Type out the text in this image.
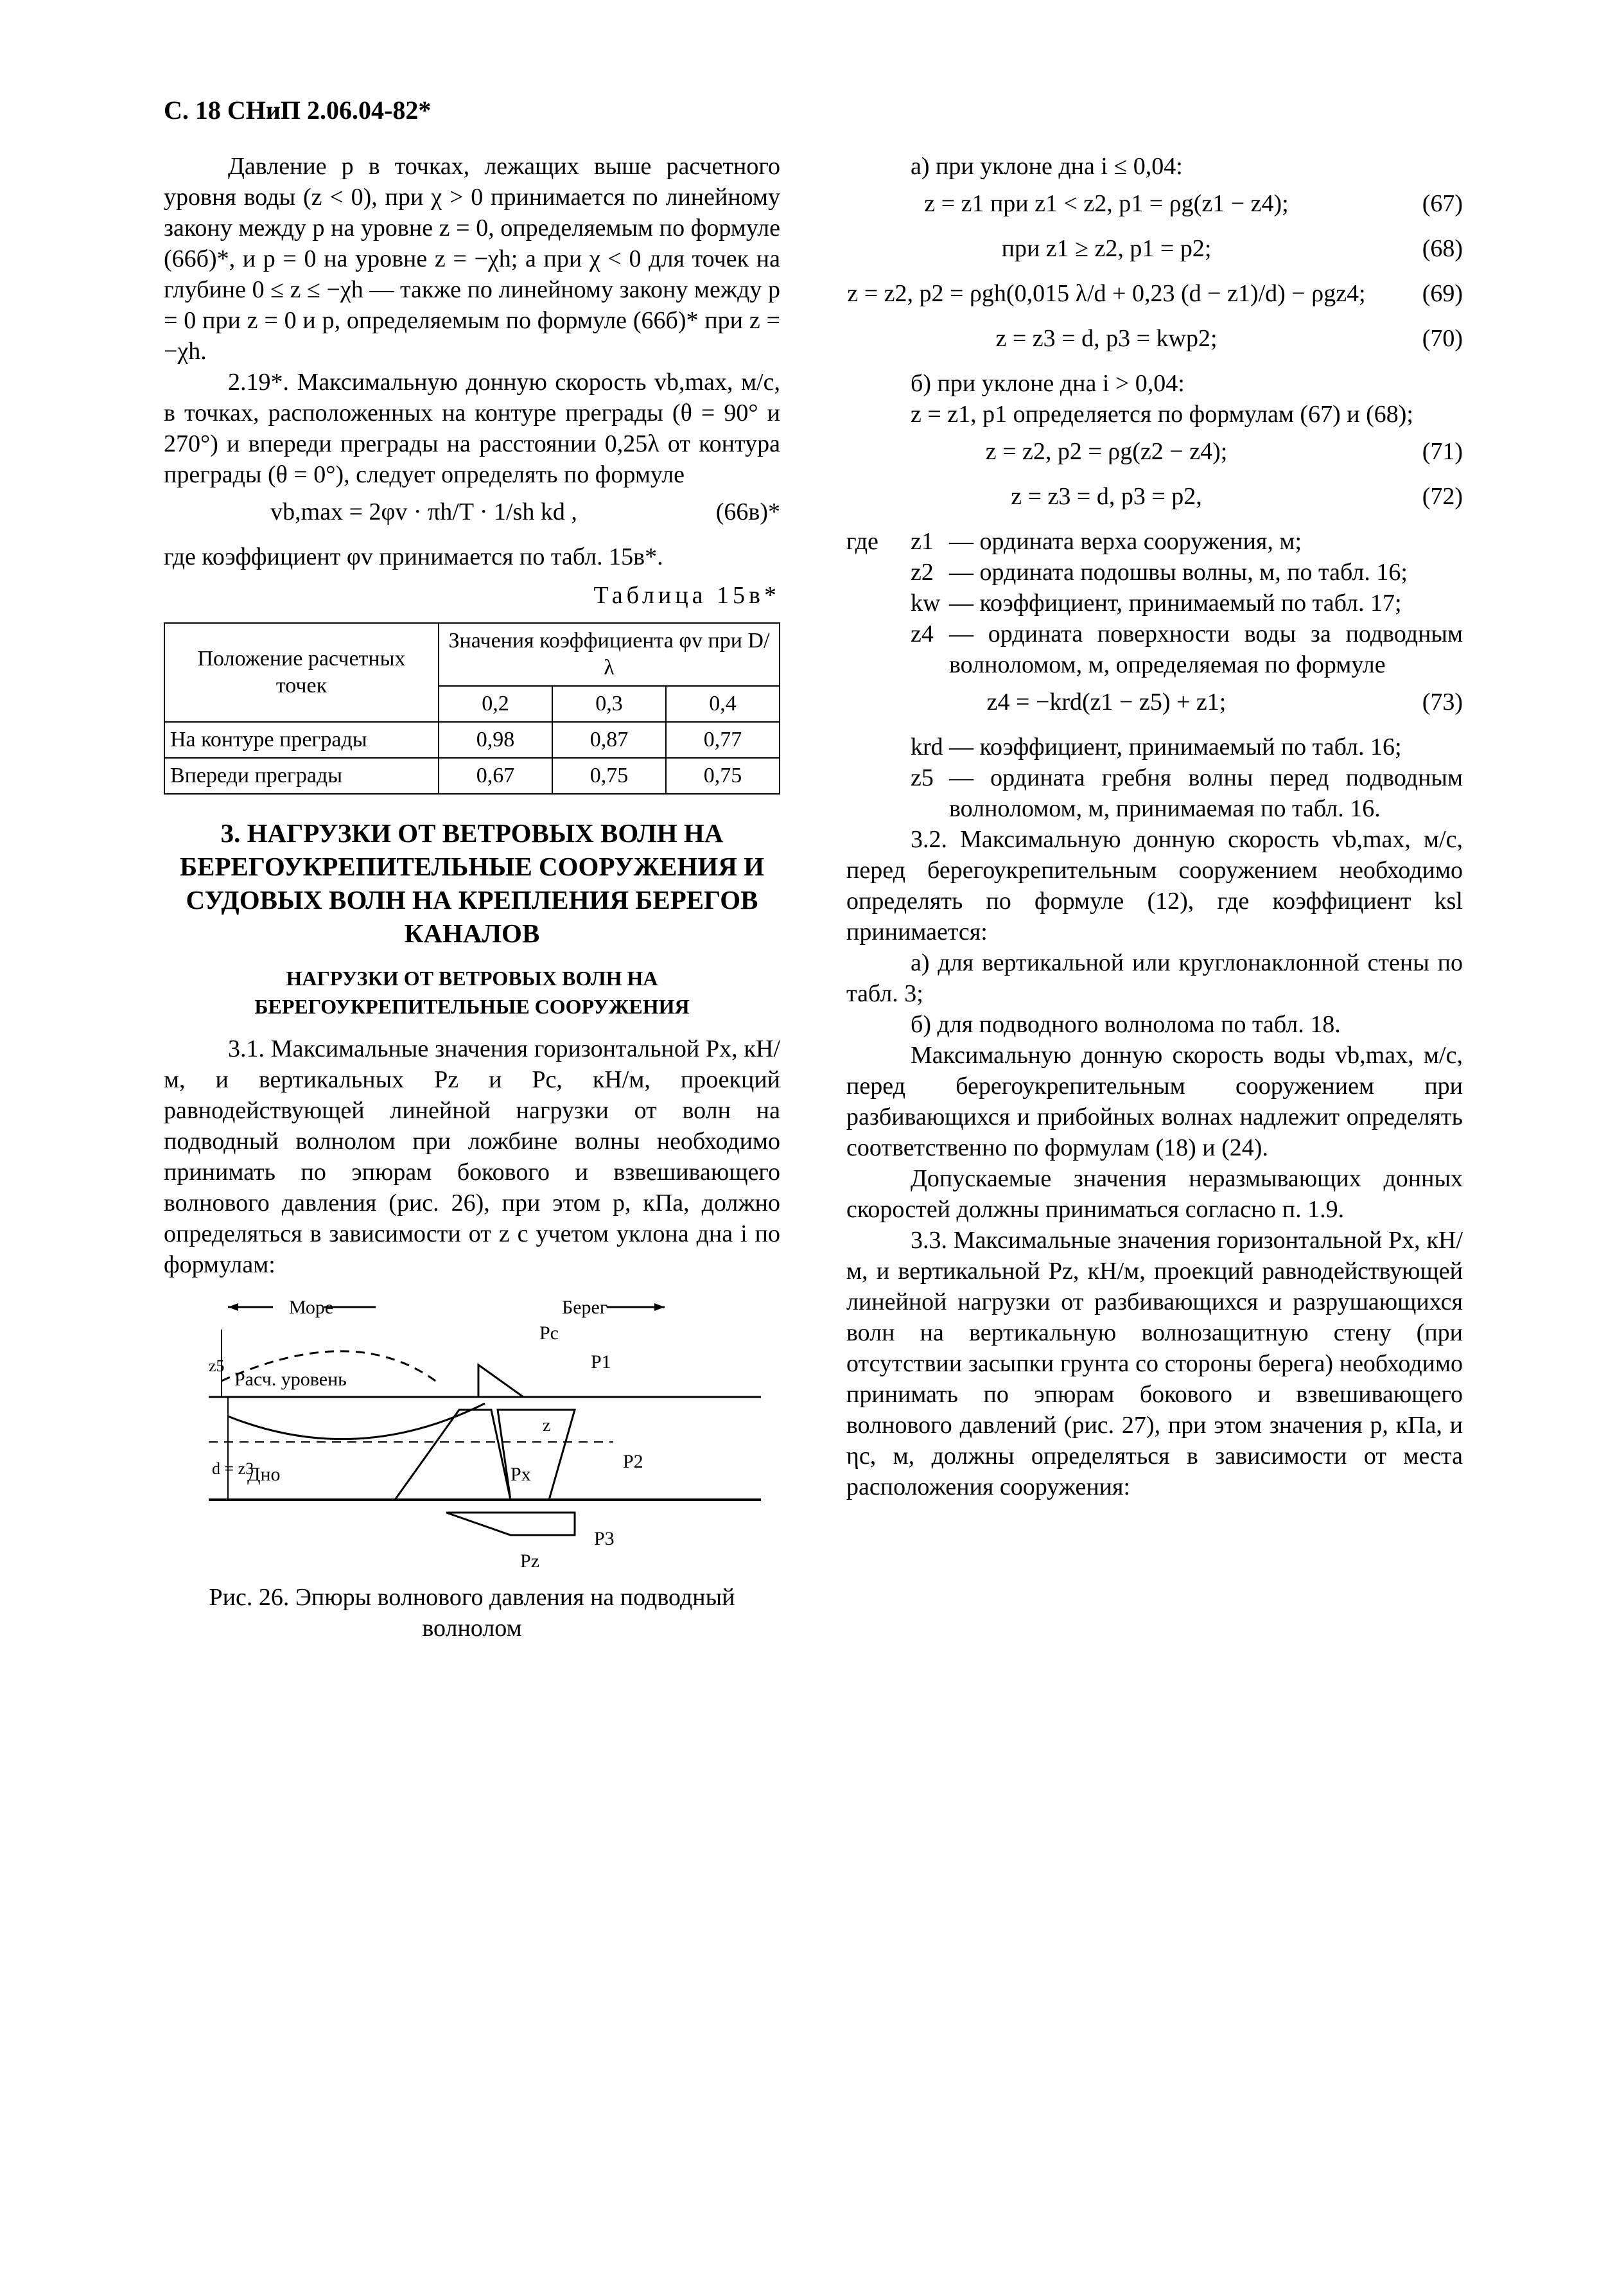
С. 18 СНиП 2.06.04-82*

Давление p в точках, лежащих выше расчетного уровня воды (z < 0), при χ > 0 принимается по линейному закону между p на уровне z = 0, определяемым по формуле (66б)*, и p = 0 на уровне z = −χh; а при χ < 0 для точек на глубине 0 ≤ z ≤ −χh — также по линейному закону между p = 0 при z = 0 и p, определяемым по формуле (66б)* при z = −χh.

2.19*. Максимальную донную скорость vb,max, м/с, в точках, расположенных на контуре преграды (θ = 90° и 270°) и впереди преграды на расстоянии 0,25λ от контура преграды (θ = 0°), следует определять по формуле

vb,max = 2φv · πh/T · 1/sh kd ,	(66в)*

где коэффициент φv принимается по табл. 15в*.

Таблица 15в*
Положение расчетных точек	Значения коэффициента φv при D/λ		
	0,2	0,3	0,4
На контуре преграды	0,98	0,87	0,77
Впереди преграды	0,67	0,75	0,75
3. НАГРУЗКИ ОТ ВЕТРОВЫХ ВОЛН НА БЕРЕГОУКРЕПИТЕЛЬНЫЕ СООРУЖЕНИЯ И СУДОВЫХ ВОЛН НА КРЕПЛЕНИЯ БЕРЕГОВ КАНАЛОВ
НАГРУЗКИ ОТ ВЕТРОВЫХ ВОЛН НА БЕРЕГОУКРЕПИТЕЛЬНЫЕ СООРУЖЕНИЯ

3.1. Максимальные значения горизонтальной Px, кН/м, и вертикальных Pz и Pc, кН/м, проекций равнодействующей линейной нагрузки от волн на подводный волнолом при ложбине волны необходимо принимать по эпюрам бокового и взвешивающего волнового давления (рис. 26), при этом p, кПа, должно определяться в зависимости от z с учетом уклона дна i по формулам:

Море	Берег
z5
Расч. уровень
d = z3
Дно
z
Pc
P1
P2
P3
Px
Pz
Рис. 26. Эпюры волнового давления на подводный волнолом

а) при уклоне дна i ≤ 0,04:

z = z1 при z1 < z2, p1 = ρg(z1 − z4);	(67)
при z1 ≥ z2, p1 = p2;	(68)
z = z2, p2 = ρgh(0,015 λ/d + 0,23 (d − z1)/d) − ρgz4; (69)
z = z3 = d, p3 = kwp2;	(70)

б) при уклоне дна i > 0,04:

z = z1, p1 определяется по формулам (67) и (68);

z = z2, p2 = ρg(z2 − z4);	(71)
z = z3 = d, p3 = p2,	(72)
где	z1 — ордината верха сооружения, м;
z2 — ордината подошвы волны, м, по табл. 16;
kw — коэффициент, принимаемый по табл. 17;
z4 — ордината поверхности воды за подводным волноломом, м, определяемая по формуле
z4 = −krd(z1 − z5) + z1;	(73)
krd — коэффициент, принимаемый по табл. 16;
z5 — ордината гребня волны перед подводным волноломом, м, принимаемая по табл. 16.

3.2. Максимальную донную скорость vb,max, м/с, перед берегоукрепительным сооружением необходимо определять по формуле (12), где коэффициент ksl принимается:

а) для вертикальной или круглонаклонной стены по табл. 3;

б) для подводного волнолома по табл. 18.

Максимальную донную скорость воды vb,max, м/с, перед берегоукрепительным сооружением при разбивающихся и прибойных волнах надлежит определять соответственно по формулам (18) и (24).

Допускаемые значения неразмывающих донных скоростей должны приниматься согласно п. 1.9.

3.3. Максимальные значения горизонтальной Px, кН/м, и вертикальной Pz, кН/м, проекций равнодействующей линейной нагрузки от разбивающихся и разрушающихся волн на вертикальную волнозащитную стену (при отсутствии засыпки грунта со стороны берега) необходимо принимать по эпюрам бокового и взвешивающего волнового давлений (рис. 27), при этом значения p, кПа, и ηc, м, должны определяться в зависимости от места расположения сооружения:
